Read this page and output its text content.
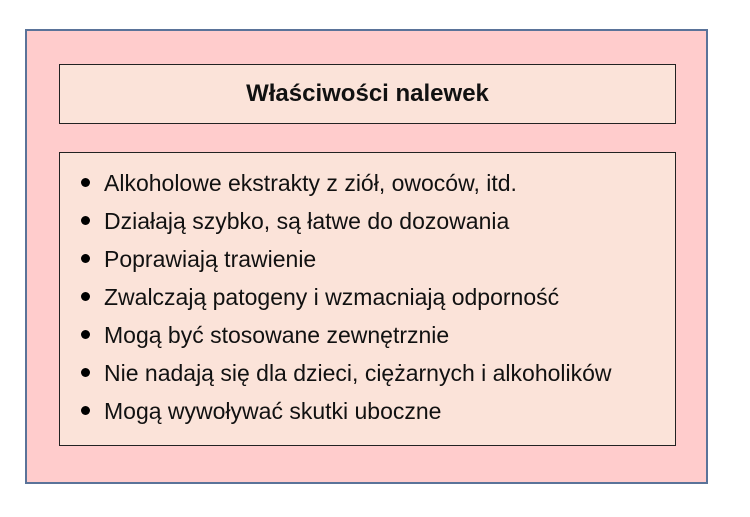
Właściwości nalewek
Alkoholowe ekstrakty z ziół, owoców, itd.
Działają szybko, są łatwe do dozowania
Poprawiają trawienie
Zwalczają patogeny i wzmacniają odporność
Mogą być stosowane zewnętrznie
Nie nadają się dla dzieci, ciężarnych i alkoholików
Mogą wywoływać skutki uboczne
